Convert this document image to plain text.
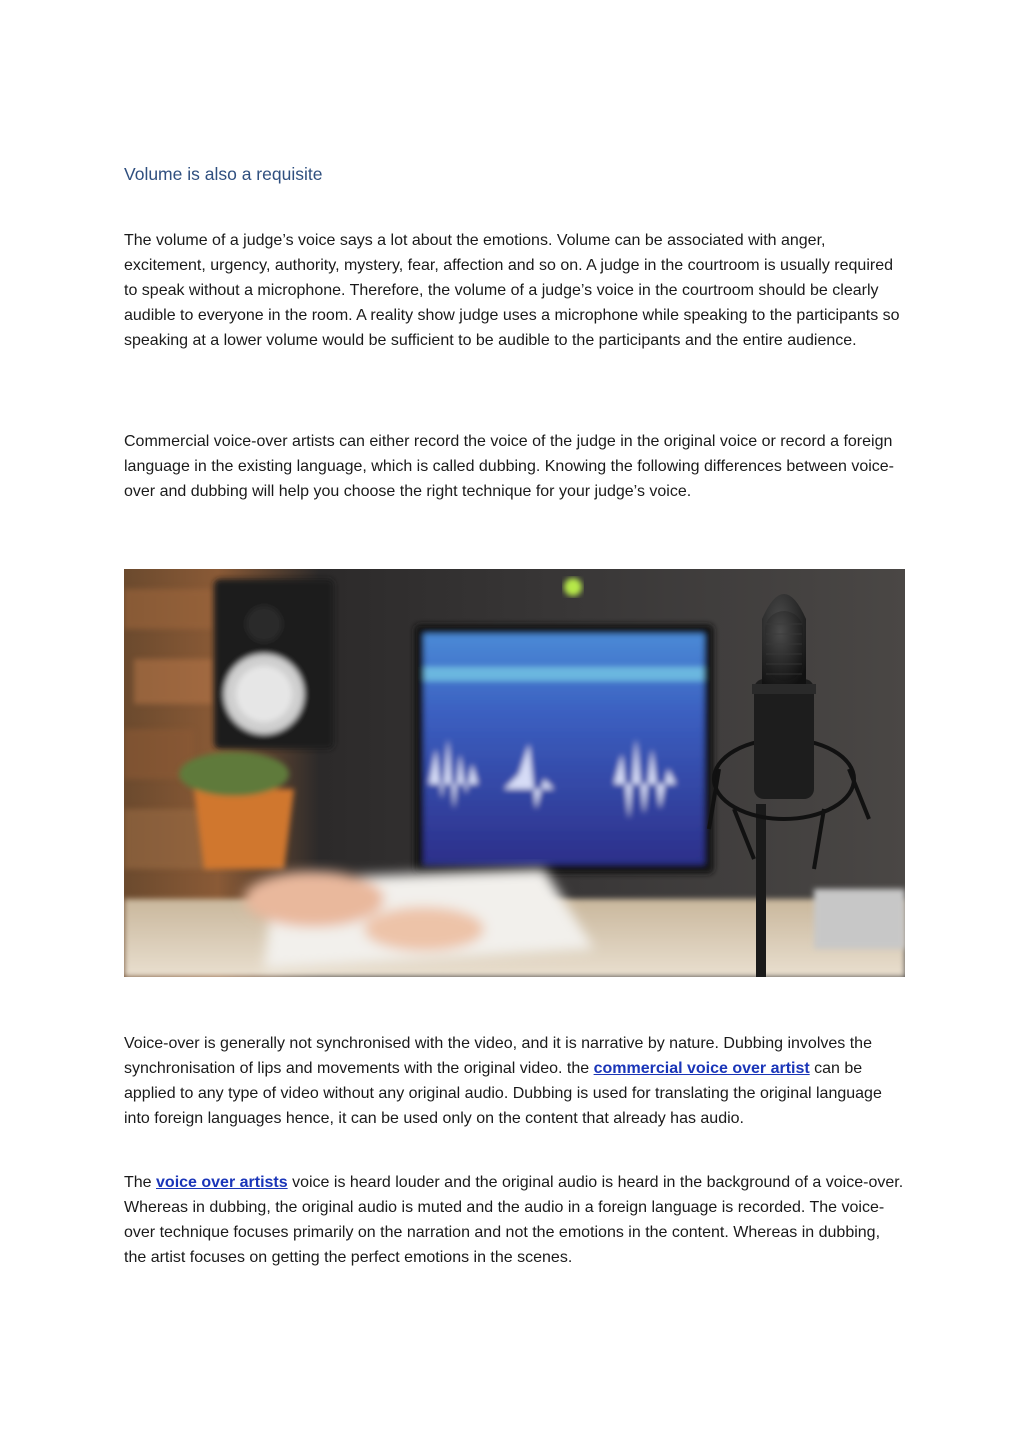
Volume is also a requisite

The volume of a judge’s voice says a lot about the emotions. Volume can be associated with anger, excitement, urgency, authority, mystery, fear, affection and so on. A judge in the courtroom is usually required to speak without a microphone. Therefore, the volume of a judge’s voice in the courtroom should be clearly audible to everyone in the room. A reality show judge uses a microphone while speaking to the participants so speaking at a lower volume would be sufficient to be audible to the participants and the entire audience.

Commercial voice-over artists can either record the voice of the judge in the original voice or record a foreign language in the existing language, which is called dubbing. Knowing the following differences between voice-over and dubbing will help you choose the right technique for your judge’s voice.

Voice-over is generally not synchronised with the video, and it is narrative by nature. Dubbing involves the synchronisation of lips and movements with the original video. the commercial voice over artist can be applied to any type of video without any original audio. Dubbing is used for translating the original language into foreign languages hence, it can be used only on the content that already has audio.

The voice over artists voice is heard louder and the original audio is heard in the background of a voice-over. Whereas in dubbing, the original audio is muted and the audio in a foreign language is recorded. The voice-over technique focuses primarily on the narration and not the emotions in the content. Whereas in dubbing, the artist focuses on getting the perfect emotions in the scenes.
